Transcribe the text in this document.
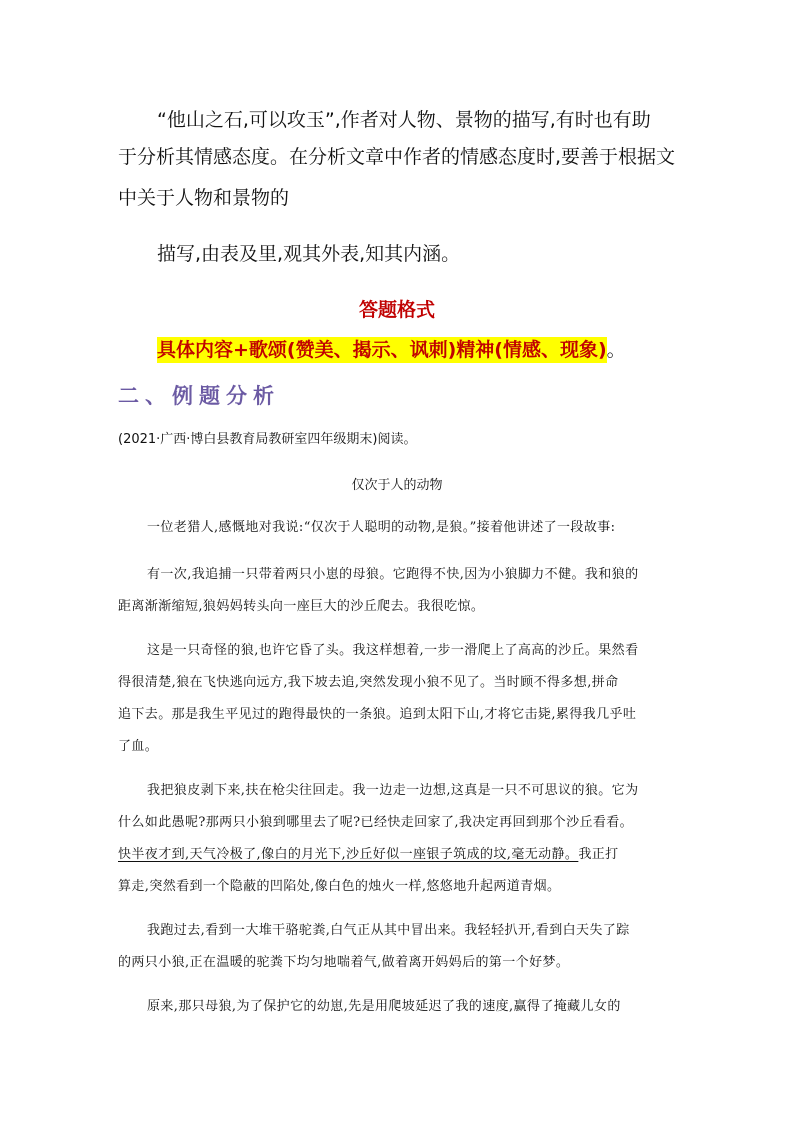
“他山之石,可以攻玉”,作者对人物、景物的描写,有时也有助
于分析其情感态度。在分析文章中作者的情感态度时,要善于根据文
中关于人物和景物的
描写,由表及里,观其外表,知其内涵。
答题格式
具体内容+歌颂(赞美、揭示、讽刺)精神(情感、现象)。
二、例题分析
(2021·广西·博白县教育局教研室四年级期末)阅读。
仅次于人的动物
一位老猎人,感慨地对我说:“仅次于人聪明的动物,是狼。”接着他讲述了一段故事:
有一次,我追捕一只带着两只小崽的母狼。它跑得不快,因为小狼脚力不健。我和狼的
距离渐渐缩短,狼妈妈转头向一座巨大的沙丘爬去。我很吃惊。
这是一只奇怪的狼,也许它昏了头。我这样想着,一步一滑爬上了高高的沙丘。果然看
得很清楚,狼在飞快逃向远方,我下坡去追,突然发现小狼不见了。当时顾不得多想,拼命
追下去。那是我生平见过的跑得最快的一条狼。追到太阳下山,才将它击毙,累得我几乎吐
了血。
我把狼皮剥下来,扶在枪尖往回走。我一边走一边想,这真是一只不可思议的狼。它为
什么如此愚呢?那两只小狼到哪里去了呢?已经快走回家了,我决定再回到那个沙丘看看。
快半夜才到,天气冷极了,像白的月光下,沙丘好似一座银子筑成的坟,毫无动静。我正打
算走,突然看到一个隐蔽的凹陷处,像白色的烛火一样,悠悠地升起两道青烟。
我跑过去,看到一大堆干骆驼粪,白气正从其中冒出来。我轻轻扒开,看到白天失了踪
的两只小狼,正在温暖的驼粪下均匀地喘着气,做着离开妈妈后的第一个好梦。
原来,那只母狼,为了保护它的幼崽,先是用爬坡延迟了我的速度,赢得了掩藏儿女的
